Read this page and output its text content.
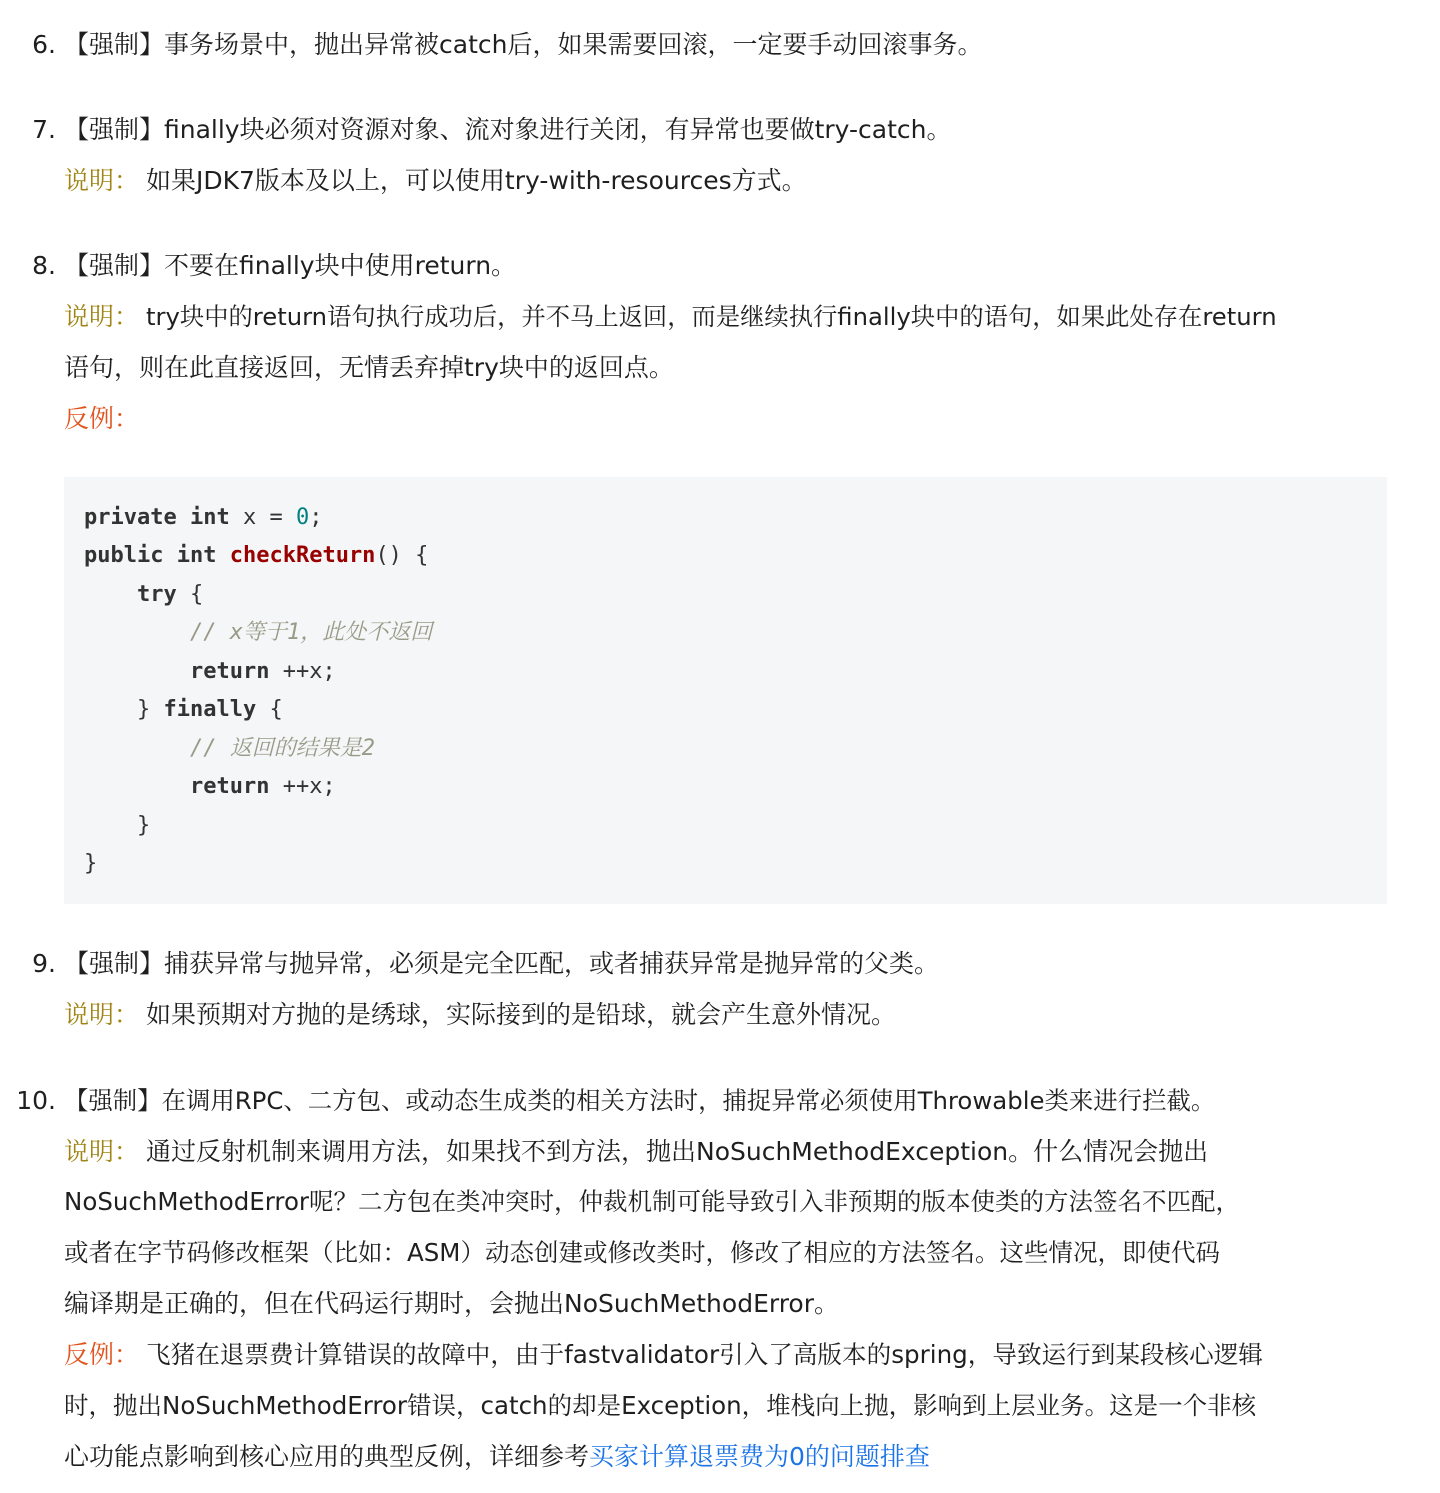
6. 【强制】事务场景中，抛出异常被catch后，如果需要回滚，一定要手动回滚事务。
7. 【强制】finally块必须对资源对象、流对象进行关闭，有异常也要做try-catch。
说明： 如果JDK7版本及以上，可以使用try-with-resources方式。
8. 【强制】不要在finally块中使用return。
说明： try块中的return语句执行成功后，并不马上返回，而是继续执行finally块中的语句，如果此处存在return
语句，则在此直接返回，无情丢弃掉try块中的返回点。
反例：
private int x = 0;
public int checkReturn() {
try {
// x等于1，此处不返回
return ++x;
} finally {
// 返回的结果是2
return ++x;
}
}
9. 【强制】捕获异常与抛异常，必须是完全匹配，或者捕获异常是抛异常的父类。
说明： 如果预期对方抛的是绣球，实际接到的是铅球，就会产生意外情况。
10. 【强制】在调用RPC、二方包、或动态生成类的相关方法时，捕捉异常必须使用Throwable类来进行拦截。
说明： 通过反射机制来调用方法，如果找不到方法，抛出NoSuchMethodException。什么情况会抛出
NoSuchMethodError呢？二方包在类冲突时，仲裁机制可能导致引入非预期的版本使类的方法签名不匹配，
或者在字节码修改框架（比如：ASM）动态创建或修改类时，修改了相应的方法签名。这些情况，即使代码
编译期是正确的，但在代码运行期时，会抛出NoSuchMethodError。
反例： 飞猪在退票费计算错误的故障中，由于fastvalidator引入了高版本的spring，导致运行到某段核心逻辑
时，抛出NoSuchMethodError错误，catch的却是Exception，堆栈向上抛，影响到上层业务。这是一个非核
心功能点影响到核心应用的典型反例，详细参考买家计算退票费为0的问题排查
